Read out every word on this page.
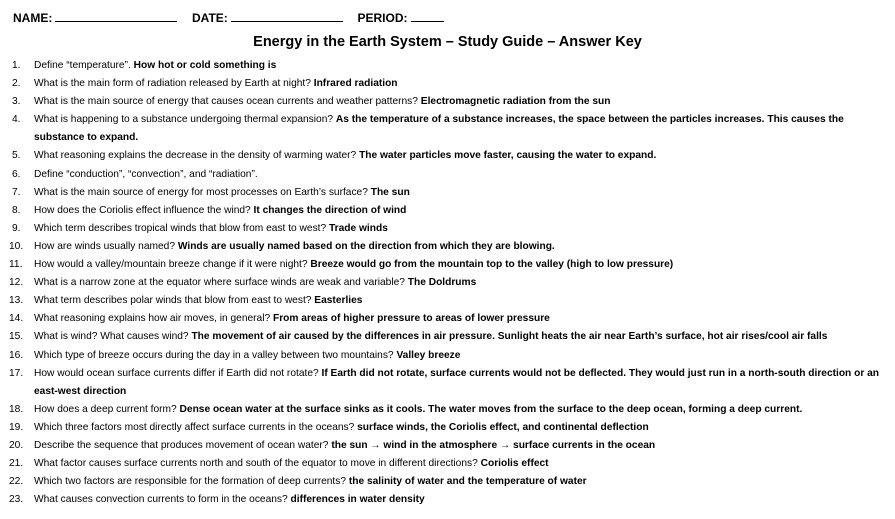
NAME:	DATE:	PERIOD:
Energy in the Earth System – Study Guide – Answer Key
1. Define “temperature”. How hot or cold something is
2. What is the main form of radiation released by Earth at night? Infrared radiation
3. What is the main source of energy that causes ocean currents and weather patterns? Electromagnetic radiation from the sun
4. What is happening to a substance undergoing thermal expansion? As the temperature of a substance increases, the space between the particles increases. This causes the substance to expand.
5. What reasoning explains the decrease in the density of warming water? The water particles move faster, causing the water to expand.
6. Define “conduction”, “convection”, and “radiation”.
7. What is the main source of energy for most processes on Earth’s surface? The sun
8. How does the Coriolis effect influence the wind? It changes the direction of wind
9. Which term describes tropical winds that blow from east to west? Trade winds
10. How are winds usually named? Winds are usually named based on the direction from which they are blowing.
11. How would a valley/mountain breeze change if it were night? Breeze would go from the mountain top to the valley (high to low pressure)
12. What is a narrow zone at the equator where surface winds are weak and variable? The Doldrums
13. What term describes polar winds that blow from east to west? Easterlies
14. What reasoning explains how air moves, in general? From areas of higher pressure to areas of lower pressure
15. What is wind? What causes wind? The movement of air caused by the differences in air pressure. Sunlight heats the air near Earth’s surface, hot air rises/cool air falls
16. Which type of breeze occurs during the day in a valley between two mountains? Valley breeze
17. How would ocean surface currents differ if Earth did not rotate? If Earth did not rotate, surface currents would not be deflected. They would just run in a north-south direction or an east-west direction
18. How does a deep current form? Dense ocean water at the surface sinks as it cools. The water moves from the surface to the deep ocean, forming a deep current.
19. Which three factors most directly affect surface currents in the oceans? surface winds, the Coriolis effect, and continental deflection
20. Describe the sequence that produces movement of ocean water? the sun → wind in the atmosphere → surface currents in the ocean
21. What factor causes surface currents north and south of the equator to move in different directions? Coriolis effect
22. Which two factors are responsible for the formation of deep currents? the salinity of water and the temperature of water
23. What causes convection currents to form in the oceans? differences in water density
